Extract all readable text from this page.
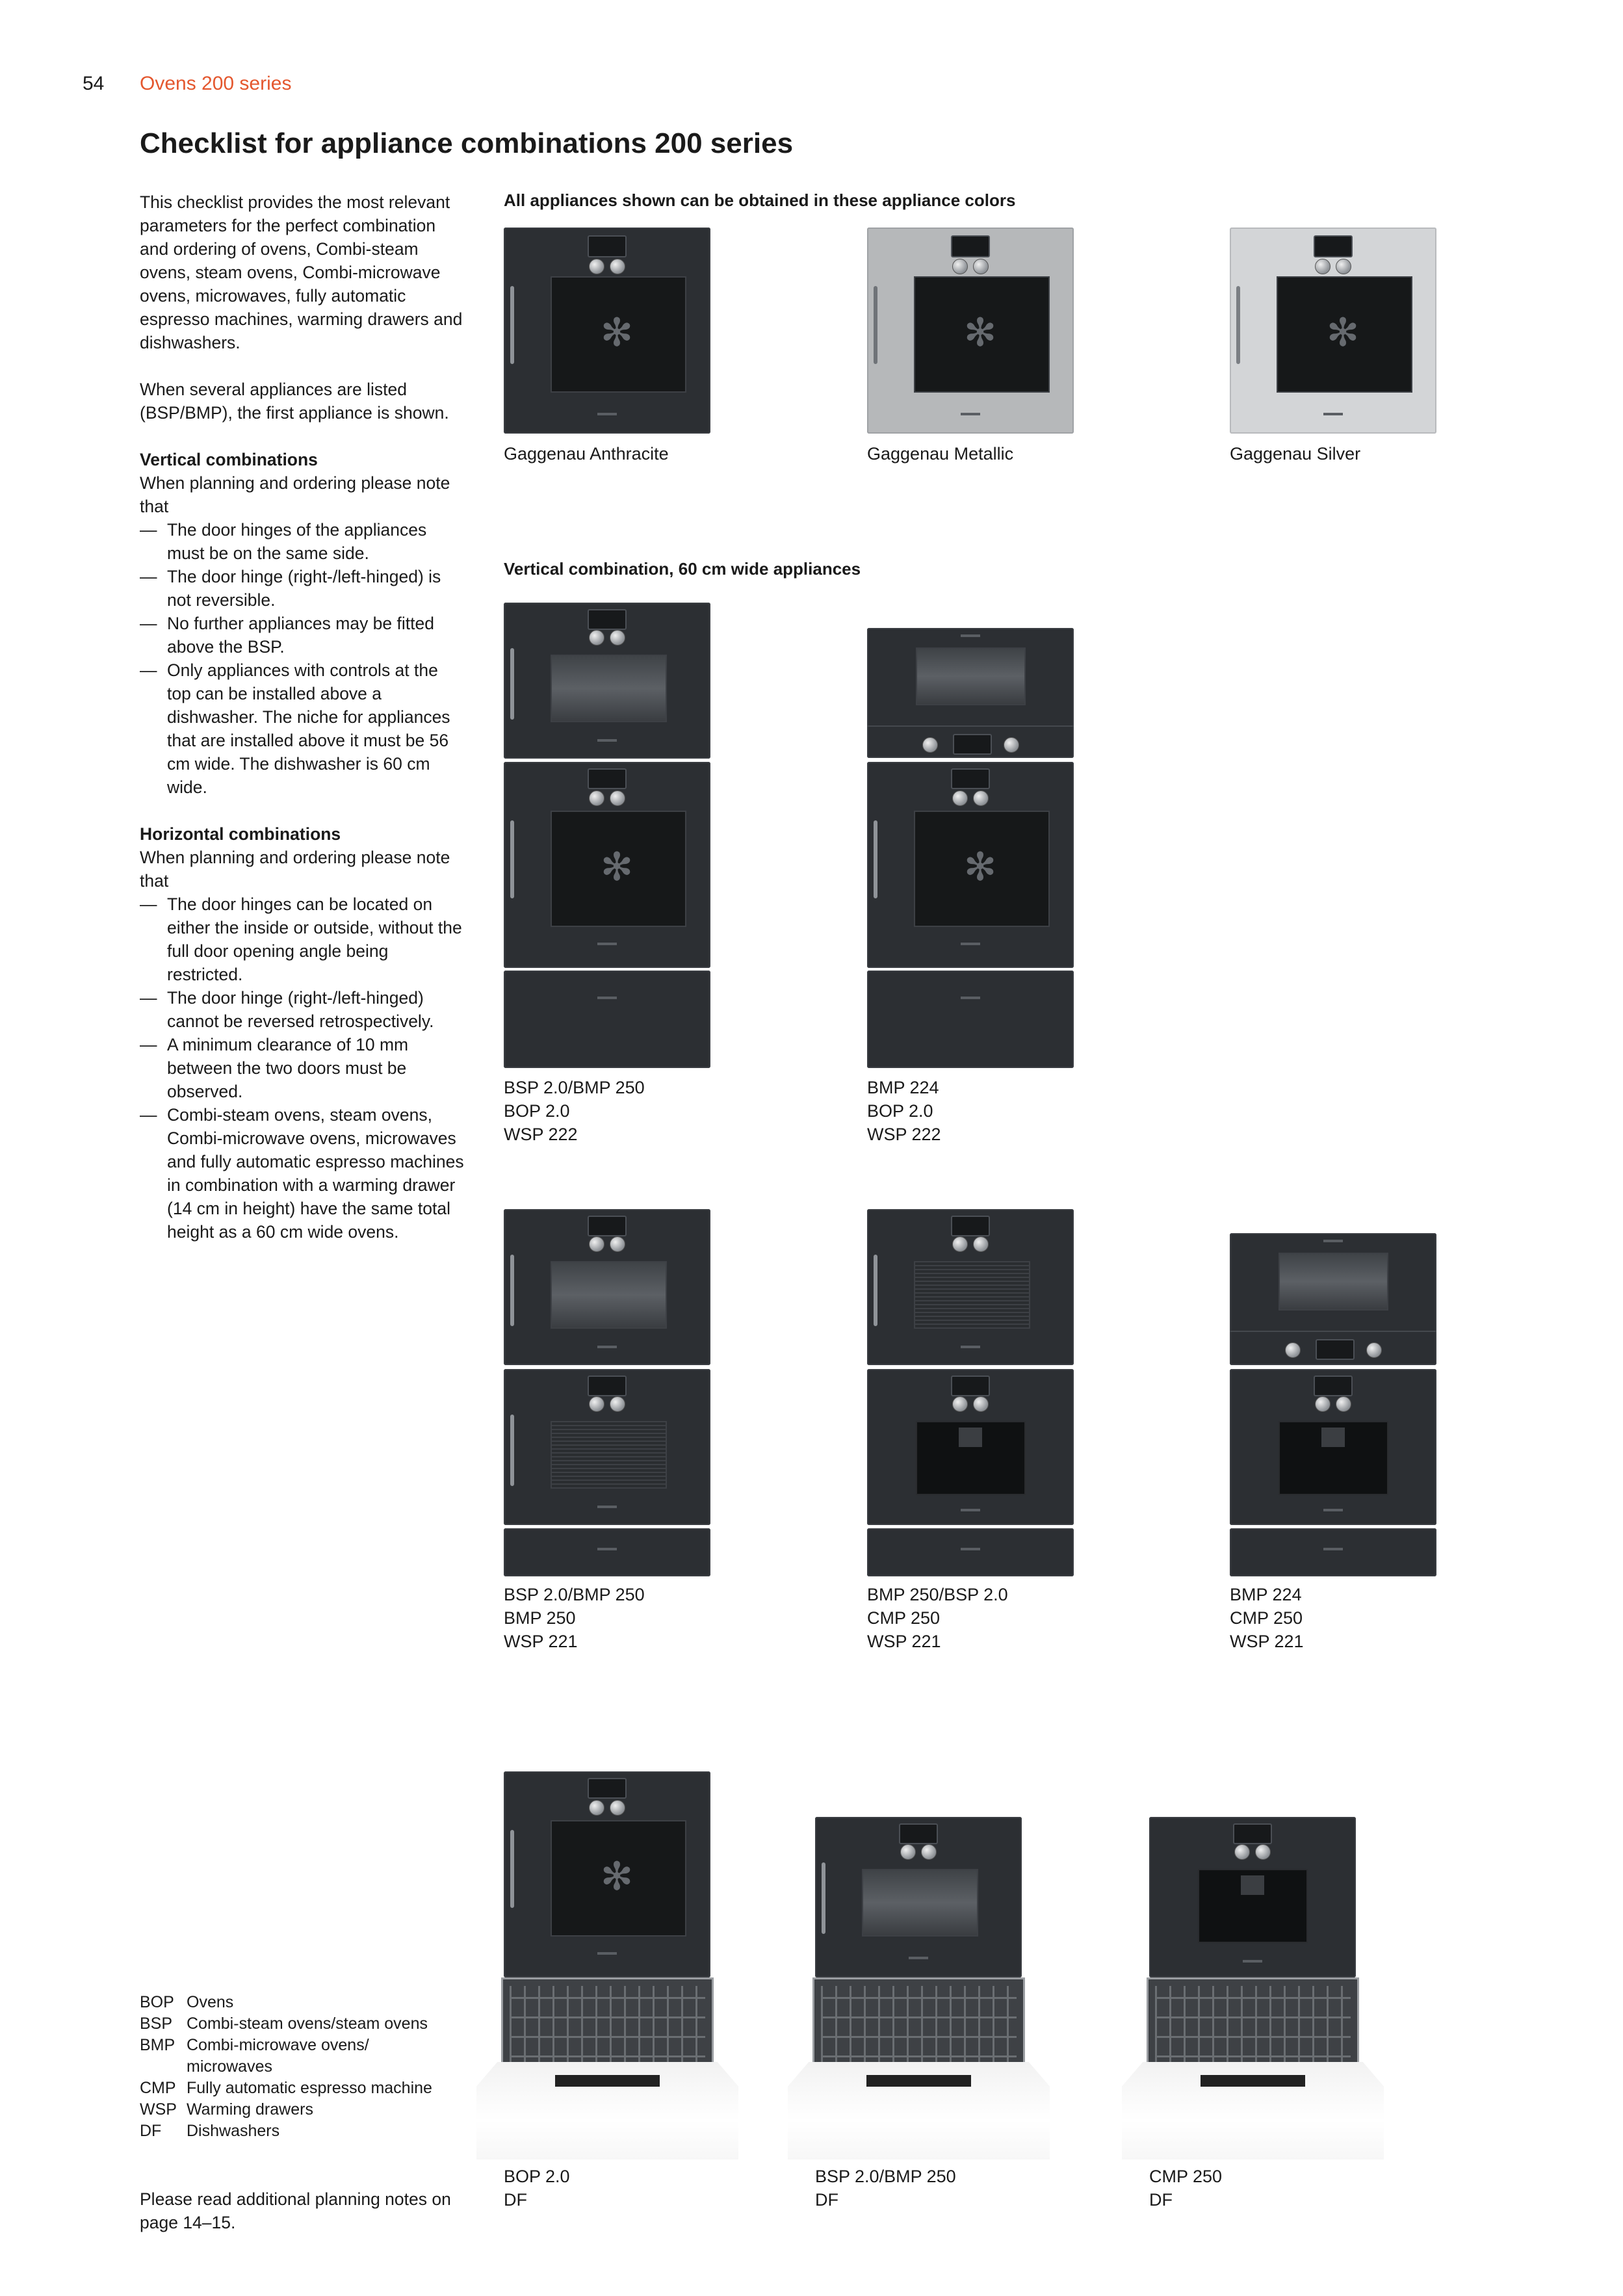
54 Ovens 200 series
Checklist for appliance combinations 200 series

This checklist provides the most relevant parameters for the perfect combination and ordering of ovens, Combi-steam ovens, steam ovens, Combi-microwave ovens, microwaves, fully automatic espresso machines, warming drawers and dishwashers.

When several appliances are listed (BSP/BMP), the first appliance is shown.

Vertical combinations

When planning and ordering please note that

— The door hinges of the appliances must be on the same side.
— The door hinge (right-/left-hinged) is not reversible.
— No further appliances may be fitted above the BSP.
— Only appliances with controls at the top can be installed above a dishwasher. The niche for appliances that are installed above it must be 56 cm wide. The dishwasher is 60 cm wide.

Horizontal combinations

When planning and ordering please note that

— The door hinges can be located on either the inside or outside, without the full door opening angle being restricted.
— The door hinge (right-/left-hinged) cannot be reversed retrospectively.
— A minimum clearance of 10 mm between the two doors must be observed.
— Combi-steam ovens, steam ovens, Combi-microwave ovens, microwaves and fully automatic espresso machines in combination with a warming drawer (14 cm in height) have the same total height as a 60 cm wide ovens.
BOP Ovens
BSP Combi-steam ovens/steam ovens
BMP Combi-microwave ovens/ microwaves
CMP Fully automatic espresso machine
WSP Warming drawers
DF	Dishwashers
Please read additional planning notes on page 14–15.
All appliances shown can be obtained in these appliance colors
✻
Gaggenau Anthracite
✻
Gaggenau Metallic
✻
Gaggenau Silver
Vertical combination, 60 cm wide appliances
✻
BSP 2.0/BMP 250
BOP 2.0
WSP 222
✻
BMP 224
BOP 2.0
WSP 222
BSP 2.0/BMP 250
BMP 250
WSP 221
BMP 250/BSP 2.0
CMP 250
WSP 221
BMP 224
CMP 250
WSP 221
✻
BOP 2.0
DF
BSP 2.0/BMP 250
DF
CMP 250
DF
